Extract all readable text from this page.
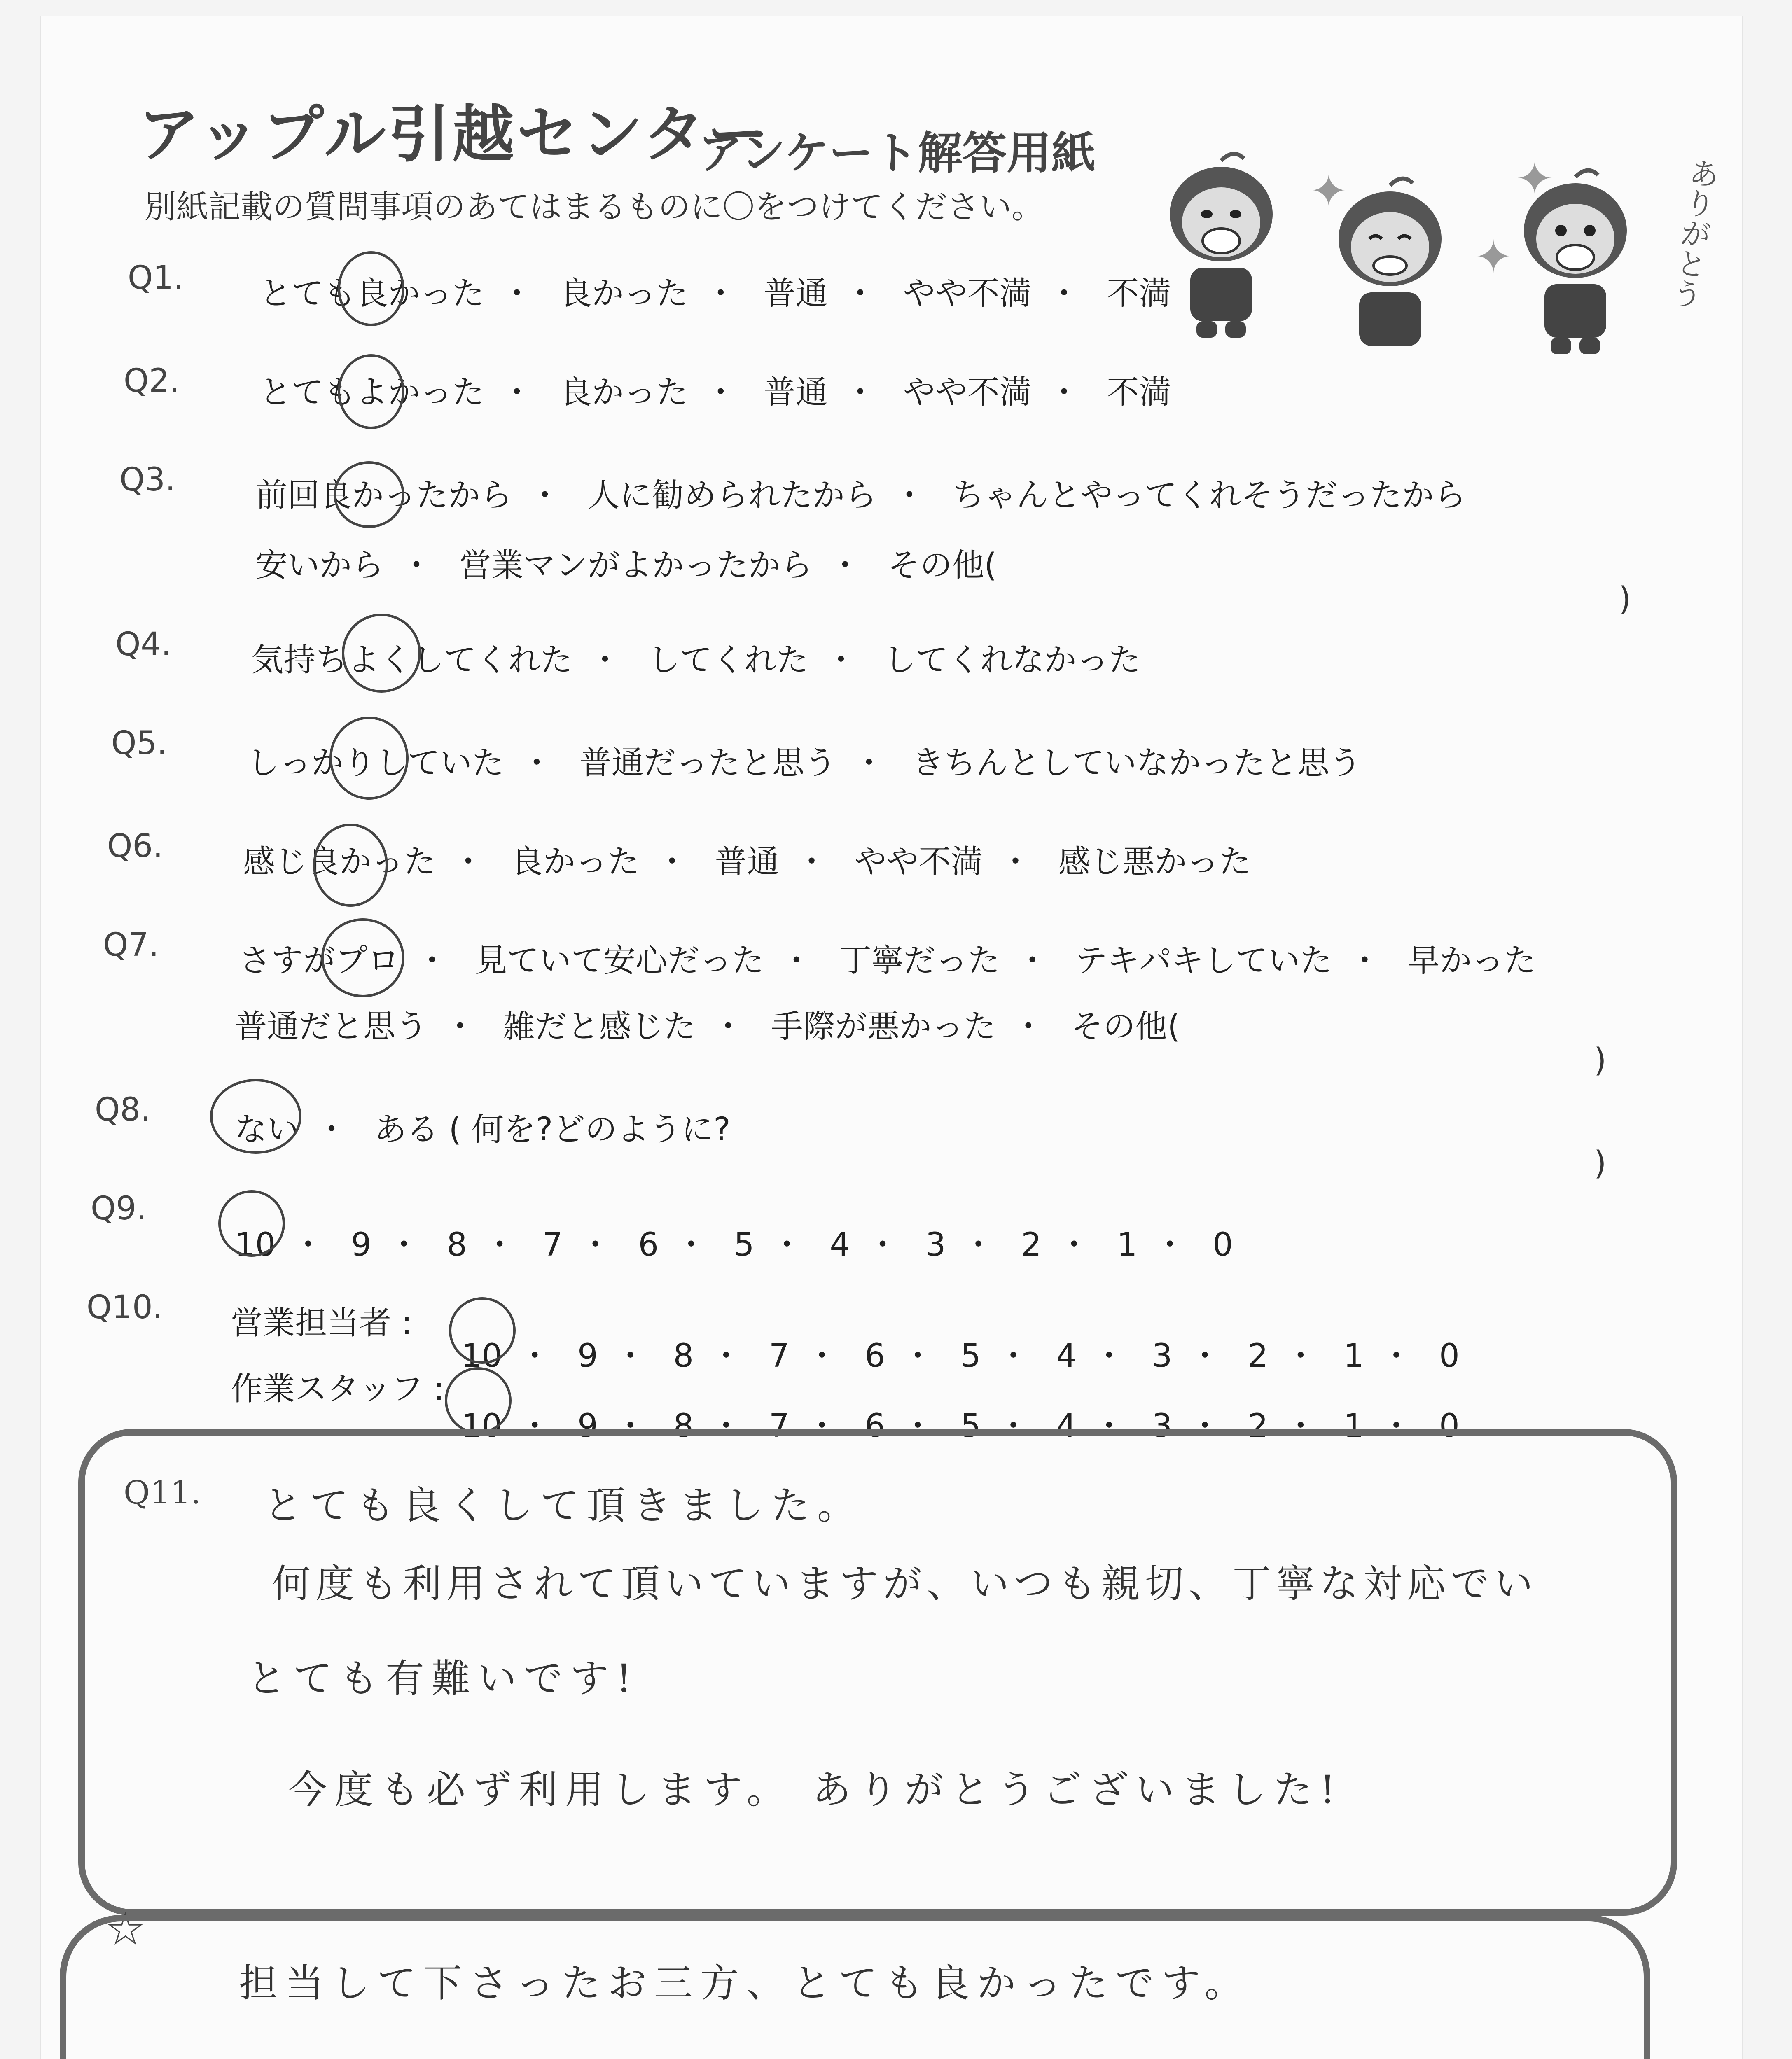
アップル引越センター
アンケート解答用紙
別紙記載の質問事項のあてはまるものに〇をつけてください。	✦
✦
✦	ありがとう
Q1. とても良かった ・ 良かった ・ 普通 ・ やや不満 ・ 不満
Q2. とてもよかった ・ 良かった ・ 普通 ・ やや不満 ・ 不満
Q3. 前回良かったから ・ 人に勧められたから ・ ちゃんとやってくれそうだったから
安いから ・ 営業マンがよかったから ・ その他(
)
Q4. 気持ちよくしてくれた ・ してくれた ・ してくれなかった
Q5.
しっかりしていた ・ 普通だったと思う ・ きちんとしていなかったと思う
Q6. 感じ良かった ・ 良かった ・ 普通 ・ やや不満 ・ 感じ悪かった
Q7. さすがプロ ・ 見ていて安心だった ・ 丁寧だった ・ テキパキしていた ・ 早かった
普通だと思う ・ 雑だと感じた ・ 手際が悪かった ・ その他(
)
Q8.
ない ・ ある ( 何を?どのように?
)
Q9.
10 ・ 9 ・ 8 ・ 7 ・ 6 ・ 5 ・ 4 ・ 3 ・ 2 ・ 1 ・ 0
Q10. 営業担当者 :
10 ・ 9 ・ 8 ・ 7 ・ 6 ・ 5 ・ 4 ・ 3 ・ 2 ・ 1 ・ 0
作業スタッフ :
10 ・ 9 ・ 8 ・ 7 ・ 6 ・ 5 ・ 4 ・ 3 ・ 2 ・ 1 ・ 0
Q11. とても良くして頂きました。
何度も利用されて頂いていますが、いつも親切、丁寧な対応でい
とても有難いです!
今度も必ず利用します。 ありがとうございました!
☆
担当して下さったお三方、とても良かったです。
